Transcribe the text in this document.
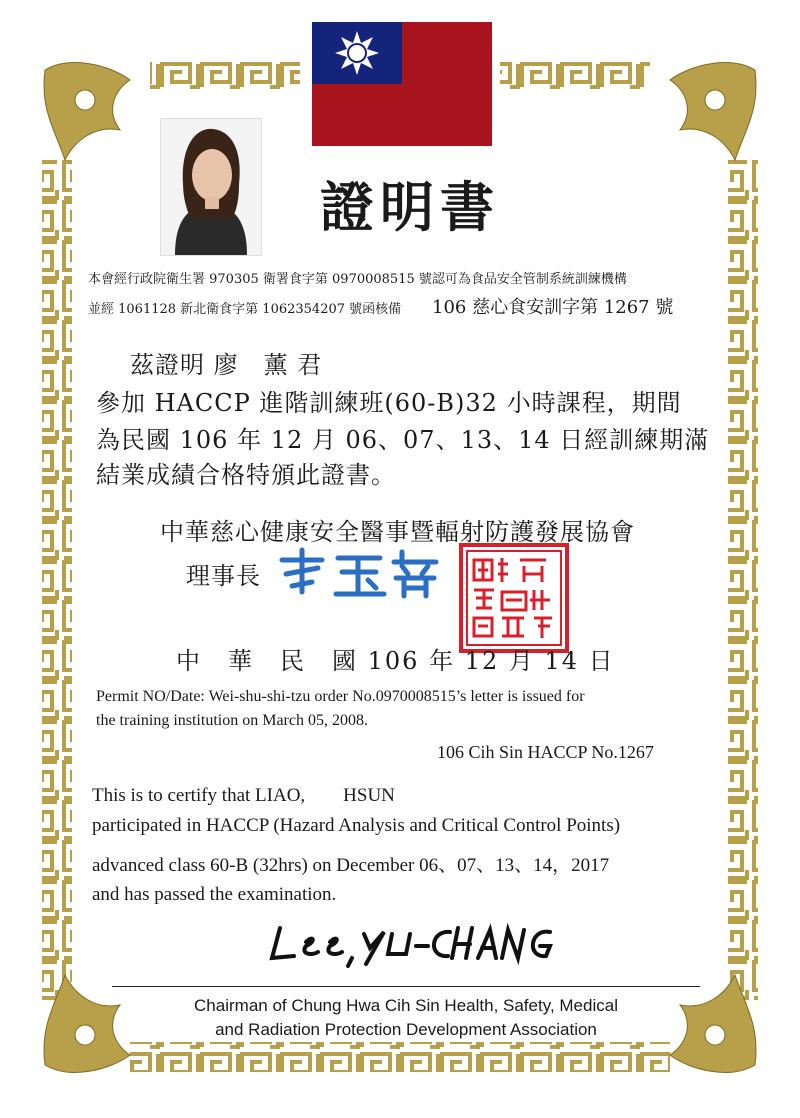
證明書
本會經行政院衛生署 970305 衛署食字第 0970008515 號認可為食品安全管制系統訓練機構
並經 1061128 新北衛食字第 1062354207 號函核備 106 慈心食安訓字第 1267 號
茲證明 廖　薰 君
參加 HACCP 進階訓練班(60-B)32 小時課程，期間
為民國 106 年 12 月 06、07、13、14 日經訓練期滿
結業成績合格特頒此證書。
中華慈心健康安全醫事暨輻射防護發展協會
理事長
中　華　民　國 106 年 12 月 14 日
Permit NO/Date: Wei-shu-shi-tzu order No.0970008515’s letter is issued for
the training institution on March 05, 2008.
106 Cih Sin HACCP No.1267
This is to certify that LIAO,　　HSUN
participated in HACCP (Hazard Analysis and Critical Control Points)
advanced class 60-B (32hrs) on December 06、07、13、14，2017
and has passed the examination.
Chairman of Chung Hwa Cih Sin Health, Safety, Medical
and Radiation Protection Development Association
